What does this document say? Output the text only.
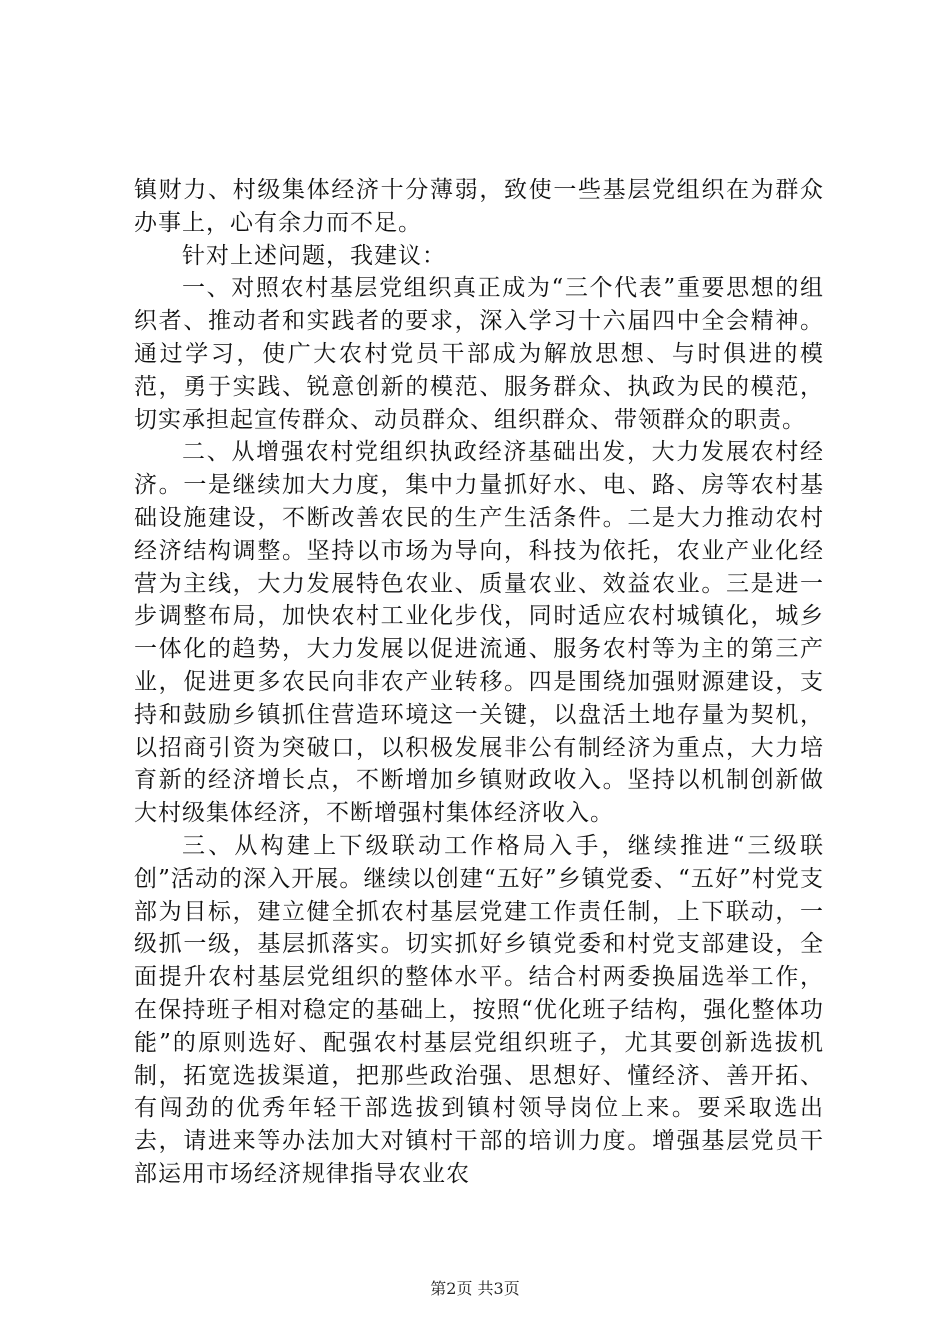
镇财力、村级集体经济十分薄弱，致使一些基层党组织在为群众办事上，心有余力而不足。

针对上述问题，我建议：

一、对照农村基层党组织真正成为“三个代表”重要思想的组织者、推动者和实践者的要求，深入学习十六届四中全会精神。通过学习，使广大农村党员干部成为解放思想、与时俱进的模范，勇于实践、锐意创新的模范、服务群众、执政为民的模范，切实承担起宣传群众、动员群众、组织群众、带领群众的职责。

二、从增强农村党组织执政经济基础出发，大力发展农村经济。一是继续加大力度，集中力量抓好水、电、路、房等农村基础设施建设，不断改善农民的生产生活条件。二是大力推动农村经济结构调整。坚持以市场为导向，科技为依托，农业产业化经营为主线，大力发展特色农业、质量农业、效益农业。三是进一步调整布局，加快农村工业化步伐，同时适应农村城镇化，城乡一体化的趋势，大力发展以促进流通、服务农村等为主的第三产业，促进更多农民向非农产业转移。四是围绕加强财源建设，支持和鼓励乡镇抓住营造环境这一关键，以盘活土地存量为契机，以招商引资为突破口，以积极发展非公有制经济为重点，大力培育新的经济增长点，不断增加乡镇财政收入。坚持以机制创新做大村级集体经济，不断增强村集体经济收入。

三、从构建上下级联动工作格局入手，继续推进“三级联创”活动的深入开展。继续以创建“五好”乡镇党委、“五好”村党支部为目标，建立健全抓农村基层党建工作责任制，上下联动，一级抓一级，基层抓落实。切实抓好乡镇党委和村党支部建设，全面提升农村基层党组织的整体水平。结合村两委换届选举工作，在保持班子相对稳定的基础上，按照“优化班子结构，强化整体功能”的原则选好、配强农村基层党组织班子，尤其要创新选拔机制，拓宽选拔渠道，把那些政治强、思想好、懂经济、善开拓、有闯劲的优秀年轻干部选拔到镇村领导岗位上来。要采取选出去，请进来等办法加大对镇村干部的培训力度。增强基层党员干部运用市场经济规律指导农业农

第2页 共3页
